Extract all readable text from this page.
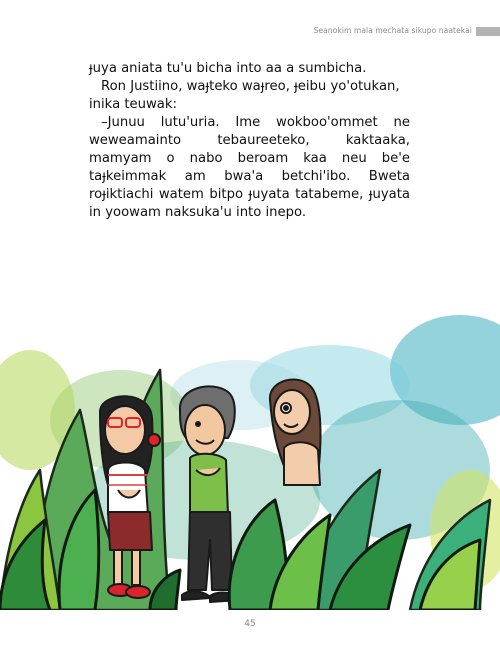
Seanokim mala mechata sikupo naatekai

ɟuya aniata tu'u bicha into aa a sumbicha.

Ron Justiino, waɟteko waɟreo, ɟeibu yo'otukan, inika teuwak:

–Junuu lutu'uria. Ime wokboo'ommet ne weweamainto tebaureeteko, kaktaaka, mamyam o nabo beroam kaa neu be'e taɟkeimmak am bwa'a betchi'ibo. Bweta roɟiktiachi watem bitpo ɟuyata tatabeme, ɟuyata in yoowam naksuka'u into inepo.

45
